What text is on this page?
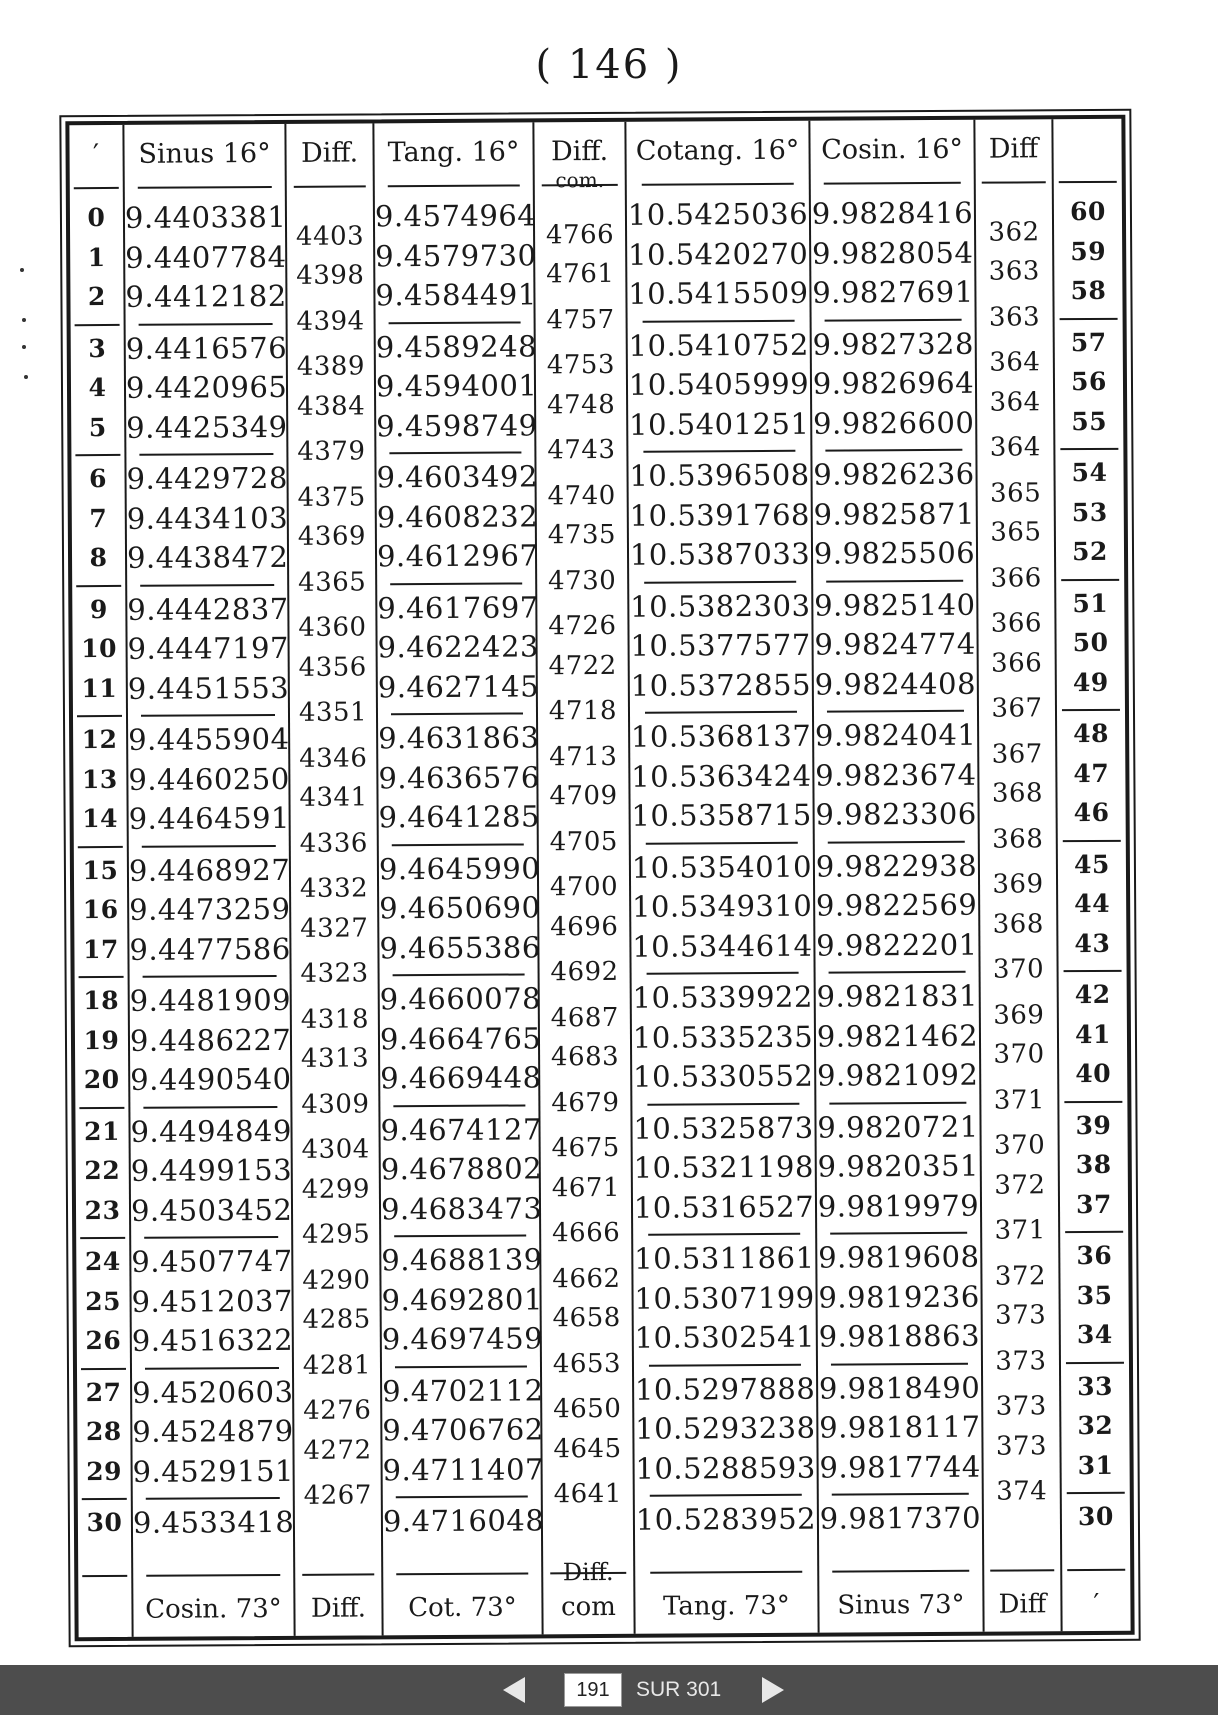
( 146 )
′
0
1
2
3
4
5
6
7
8
9
10
11
12
13
14
15
16
17
18
19
20
21
22
23
24
25
26
27
28
29
30
Sinus 16°
9.4403381
9.4407784
9.4412182
9.4416576
9.4420965
9.4425349
9.4429728
9.4434103
9.4438472
9.4442837
9.4447197
9.4451553
9.4455904
9.4460250
9.4464591
9.4468927
9.4473259
9.4477586
9.4481909
9.4486227
9.4490540
9.4494849
9.4499153
9.4503452
9.4507747
9.4512037
9.4516322
9.4520603
9.4524879
9.4529151
9.4533418
Cosin. 73°
Diff.
4403
4398
4394
4389
4384
4379
4375
4369
4365
4360
4356
4351
4346
4341
4336
4332
4327
4323
4318
4313
4309
4304
4299
4295
4290
4285
4281
4276
4272
4267
Diff.
Tang. 16°
9.4574964
9.4579730
9.4584491
9.4589248
9.4594001
9.4598749
9.4603492
9.4608232
9.4612967
9.4617697
9.4622423
9.4627145
9.4631863
9.4636576
9.4641285
9.4645990
9.4650690
9.4655386
9.4660078
9.4664765
9.4669448
9.4674127
9.4678802
9.4683473
9.4688139
9.4692801
9.4697459
9.4702112
9.4706762
9.4711407
9.4716048
Cot. 73°
Diff.
com.
4766
4761
4757
4753
4748
4743
4740
4735
4730
4726
4722
4718
4713
4709
4705
4700
4696
4692
4687
4683
4679
4675
4671
4666
4662
4658
4653
4650
4645
4641
Diff.
com
Cotang. 16°
10.5425036
10.5420270
10.5415509
10.5410752
10.5405999
10.5401251
10.5396508
10.5391768
10.5387033
10.5382303
10.5377577
10.5372855
10.5368137
10.5363424
10.5358715
10.5354010
10.5349310
10.5344614
10.5339922
10.5335235
10.5330552
10.5325873
10.5321198
10.5316527
10.5311861
10.5307199
10.5302541
10.5297888
10.5293238
10.5288593
10.5283952
Tang. 73°
Cosin. 16°
9.9828416
9.9828054
9.9827691
9.9827328
9.9826964
9.9826600
9.9826236
9.9825871
9.9825506
9.9825140
9.9824774
9.9824408
9.9824041
9.9823674
9.9823306
9.9822938
9.9822569
9.9822201
9.9821831
9.9821462
9.9821092
9.9820721
9.9820351
9.9819979
9.9819608
9.9819236
9.9818863
9.9818490
9.9818117
9.9817744
9.9817370
Sinus 73°
Diff
362
363
363
364
364
364
365
365
366
366
366
367
367
368
368
369
368
370
369
370
371
370
372
371
372
373
373
373
373
374
Diff
60
59
58
57
56
55
54
53
52
51
50
49
48
47
46
45
44
43
42
41
40
39
38
37
36
35
34
33
32
31
30
′
191	SUR 301
